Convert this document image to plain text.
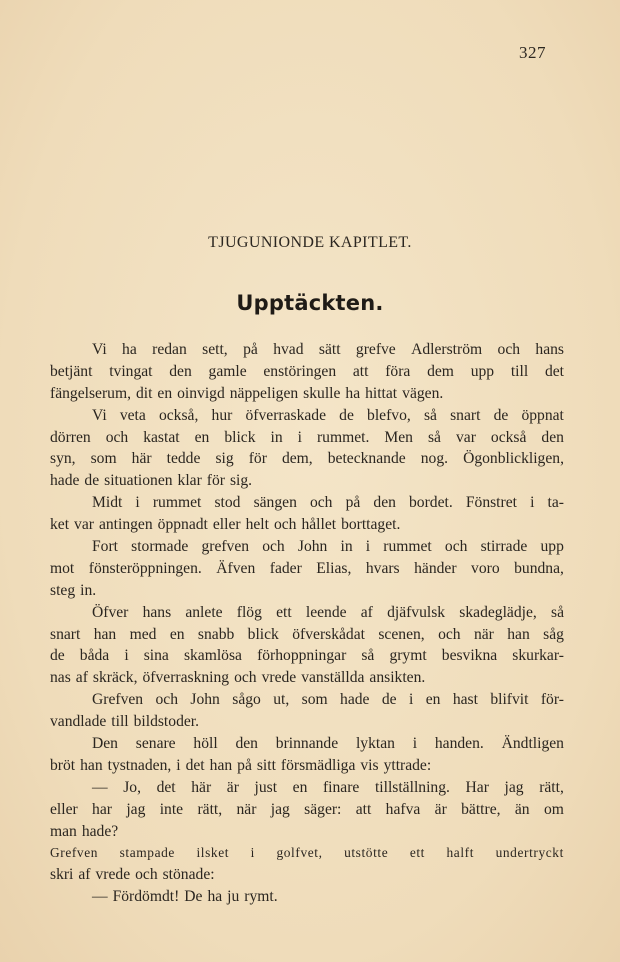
327
TJUGUNIONDE KAPITLET.
Upptäckten.
Vi ha redan sett, på hvad sätt grefve Adlerström och hans
betjänt tvingat den gamle enstöringen att föra dem upp till det
fängelserum, dit en oinvigd näppeligen skulle ha hittat vägen.
Vi veta också, hur öfverraskade de blefvo, så snart de öppnat
dörren och kastat en blick in i rummet. Men så var också den
syn, som här tedde sig för dem, betecknande nog. Ögonblickligen,
hade de situationen klar för sig.
Midt i rummet stod sängen och på den bordet. Fönstret i ta-
ket var antingen öppnadt eller helt och hållet borttaget.
Fort stormade grefven och John in i rummet och stirrade upp
mot fönsteröppningen. Äfven fader Elias, hvars händer voro bundna,
steg in.
Öfver hans anlete flög ett leende af djäfvulsk skadeglädje, så
snart han med en snabb blick öfverskådat scenen, och när han såg
de båda i sina skamlösa förhoppningar så grymt besvikna skurkar-
nas af skräck, öfverraskning och vrede vanställda ansikten.
Grefven och John sågo ut, som hade de i en hast blifvit för-
vandlade till bildstoder.
Den senare höll den brinnande lyktan i handen. Ändtligen
bröt han tystnaden, i det han på sitt försmädliga vis yttrade:
— Jo, det här är just en finare tillställning. Har jag rätt,
eller har jag inte rätt, när jag säger: att hafva är bättre, än om
man hade?
Grefven stampade ilsket i golfvet, utstötte ett halft undertryckt
skri af vrede och stönade:
— Fördömdt! De ha ju rymt.
